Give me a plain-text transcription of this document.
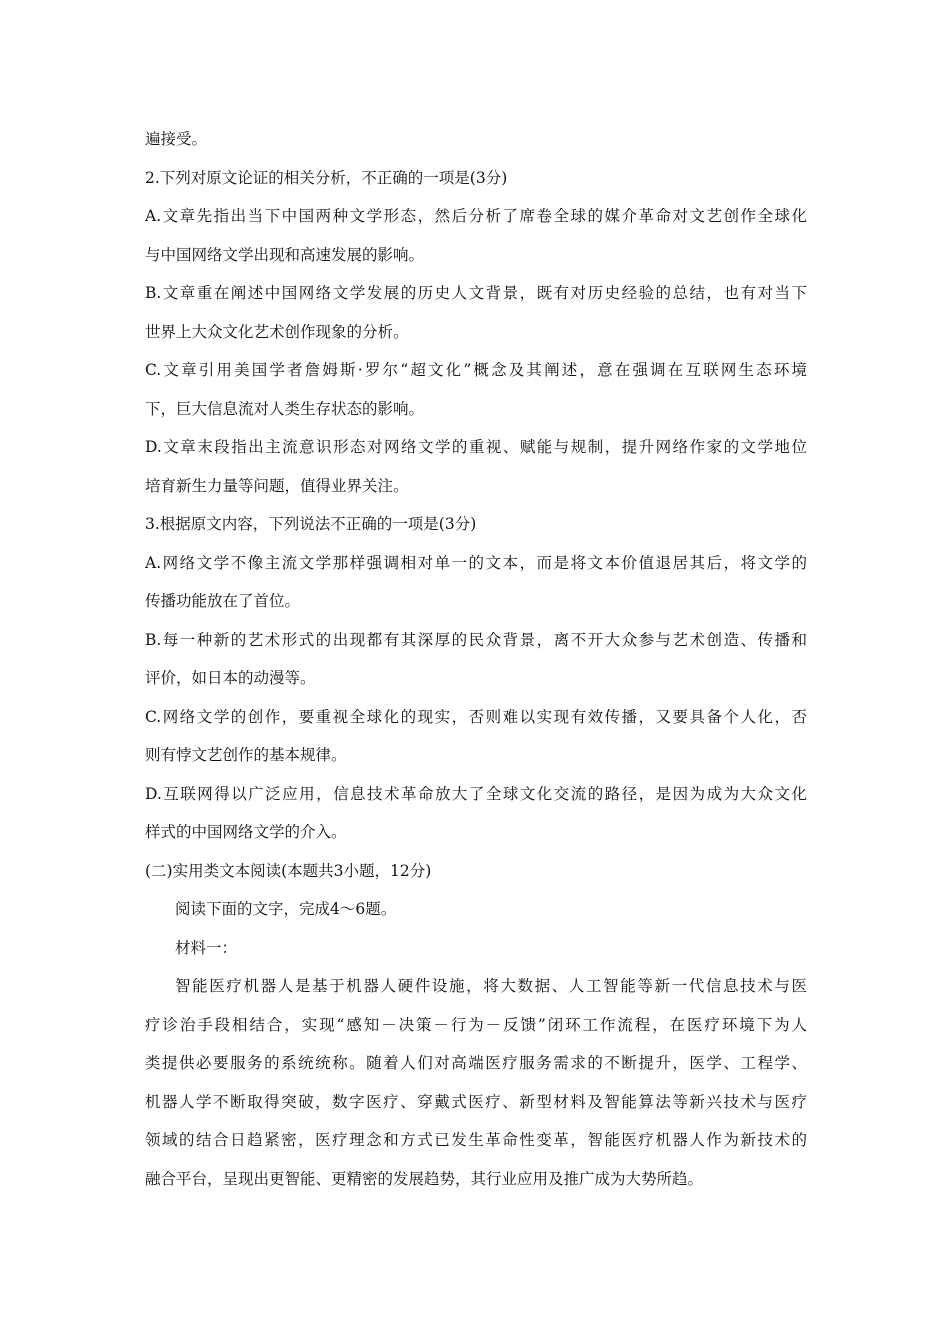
遍接受。
2.下列对原文论证的相关分析，不正确的一项是(3分)
A.文章先指出当下中国两种文学形态，然后分析了席卷全球的媒介革命对文艺创作全球化
与中国网络文学出现和高速发展的影响。
B.文章重在阐述中国网络文学发展的历史人文背景，既有对历史经验的总结，也有对当下
世界上大众文化艺术创作现象的分析。
C.文章引用美国学者詹姆斯·罗尔“超文化”概念及其阐述，意在强调在互联网生态环境
下，巨大信息流对人类生存状态的影响。
D.文章末段指出主流意识形态对网络文学的重视、赋能与规制，提升网络作家的文学地位
培育新生力量等问题，值得业界关注。
3.根据原文内容，下列说法不正确的一项是(3分)
A.网络文学不像主流文学那样强调相对单一的文本，而是将文本价值退居其后，将文学的
传播功能放在了首位。
B.每一种新的艺术形式的出现都有其深厚的民众背景，离不开大众参与艺术创造、传播和
评价，如日本的动漫等。
C.网络文学的创作，要重视全球化的现实，否则难以实现有效传播，又要具备个人化，否
则有悖文艺创作的基本规律。
D.互联网得以广泛应用，信息技术革命放大了全球文化交流的路径，是因为成为大众文化
样式的中国网络文学的介入。
(二)实用类文本阅读(本题共3小题，12分)
阅读下面的文字，完成4～6题。
材料一：
智能医疗机器人是基于机器人硬件设施，将大数据、人工智能等新一代信息技术与医
疗诊治手段相结合，实现“感知－决策－行为－反馈”闭环工作流程，在医疗环境下为人
类提供必要服务的系统统称。随着人们对高端医疗服务需求的不断提升，医学、工程学、
机器人学不断取得突破，数字医疗、穿戴式医疗、新型材料及智能算法等新兴技术与医疗
领域的结合日趋紧密，医疗理念和方式已发生革命性变革，智能医疗机器人作为新技术的
融合平台，呈现出更智能、更精密的发展趋势，其行业应用及推广成为大势所趋。
